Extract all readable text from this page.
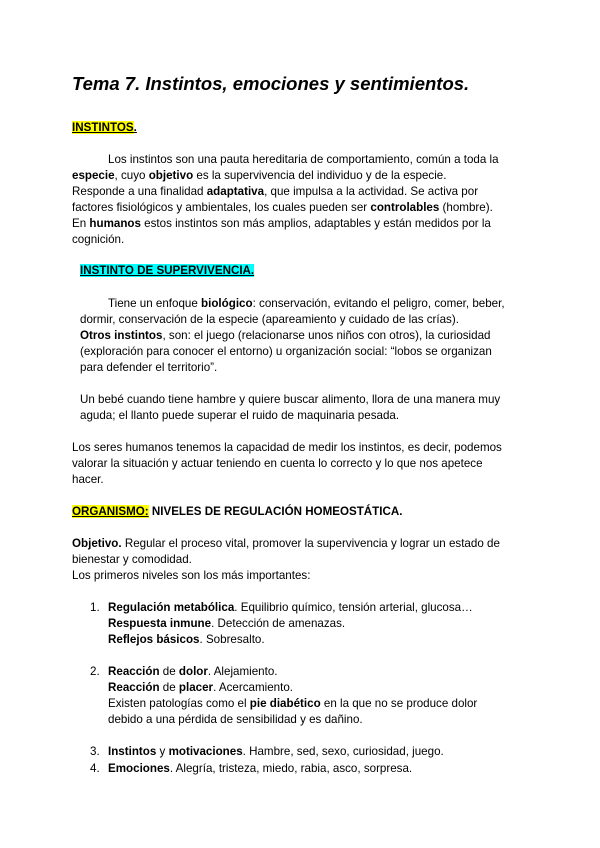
Tema 7. Instintos, emociones y sentimientos.

INSTINTOS.

Los instintos son una pauta hereditaria de comportamiento, común a toda la

especie, cuyo objetivo es la supervivencia del individuo y de la especie.

Responde a una finalidad adaptativa, que impulsa a la actividad. Se activa por

factores fisiológicos y ambientales, los cuales pueden ser controlables (hombre).

En humanos estos instintos son más amplios, adaptables y están medidos por la

cognición.

INSTINTO DE SUPERVIVENCIA.

Tiene un enfoque biológico: conservación, evitando el peligro, comer, beber,

dormir, conservación de la especie (apareamiento y cuidado de las crías).

Otros instintos, son: el juego (relacionarse unos niños con otros), la curiosidad

(exploración para conocer el entorno) u organización social: “lobos se organizan

para defender el territorio”.

Un bebé cuando tiene hambre y quiere buscar alimento, llora de una manera muy

aguda; el llanto puede superar el ruido de maquinaria pesada.

Los seres humanos tenemos la capacidad de medir los instintos, es decir, podemos

valorar la situación y actuar teniendo en cuenta lo correcto y lo que nos apetece

hacer.

ORGANISMO: NIVELES DE REGULACIÓN HOMEOSTÁTICA.

Objetivo. Regular el proceso vital, promover la supervivencia y lograr un estado de

bienestar y comodidad.

Los primeros niveles son los más importantes:

1. Regulación metabólica. Equilibrio químico, tensión arterial, glucosa…

Respuesta inmune. Detección de amenazas.

Reflejos básicos. Sobresalto.

2. Reacción de dolor. Alejamiento.

Reacción de placer. Acercamiento.

Existen patologías como el pie diabético en la que no se produce dolor

debido a una pérdida de sensibilidad y es dañino.

3. Instintos y motivaciones. Hambre, sed, sexo, curiosidad, juego.

4. Emociones. Alegría, tristeza, miedo, rabia, asco, sorpresa.
